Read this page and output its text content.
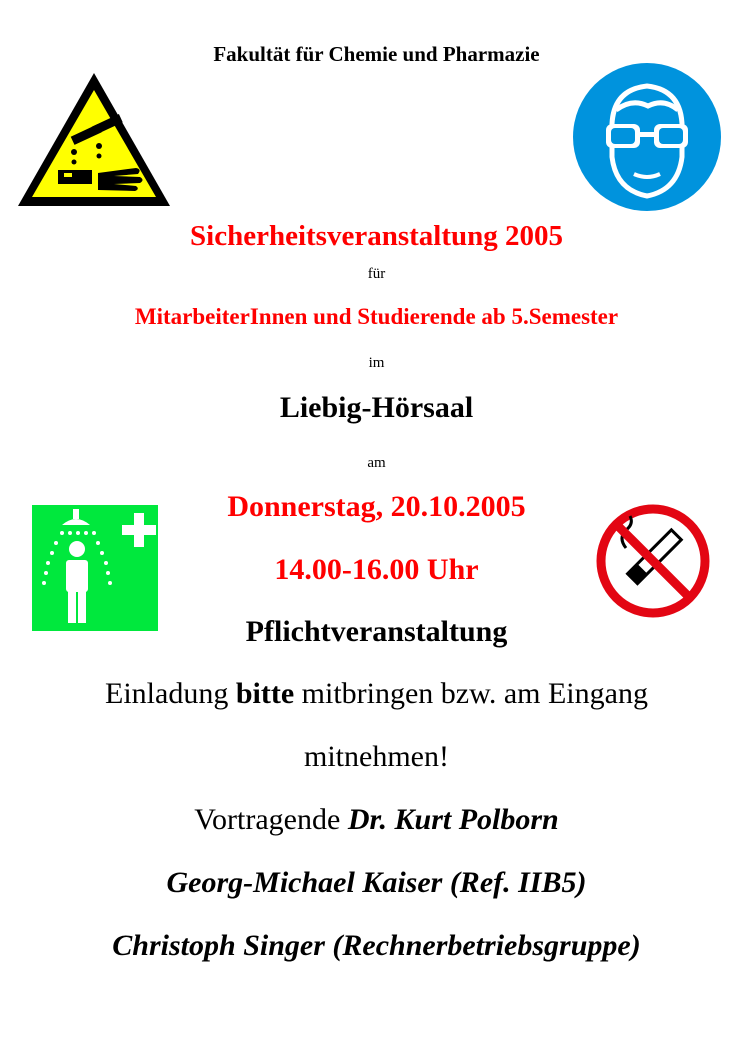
Fakultät für Chemie und Pharmazie
Sicherheitsveranstaltung 2005
für
MitarbeiterInnen und Studierende ab 5.Semester
im
Liebig-Hörsaal
am
Donnerstag, 20.10.2005
14.00-16.00 Uhr
Pflichtveranstaltung
Einladung bitte mitbringen bzw. am Eingang
mitnehmen!
Vortragende Dr. Kurt Polborn
Georg-Michael Kaiser (Ref. IIB5)
Christoph Singer (Rechnerbetriebsgruppe)
